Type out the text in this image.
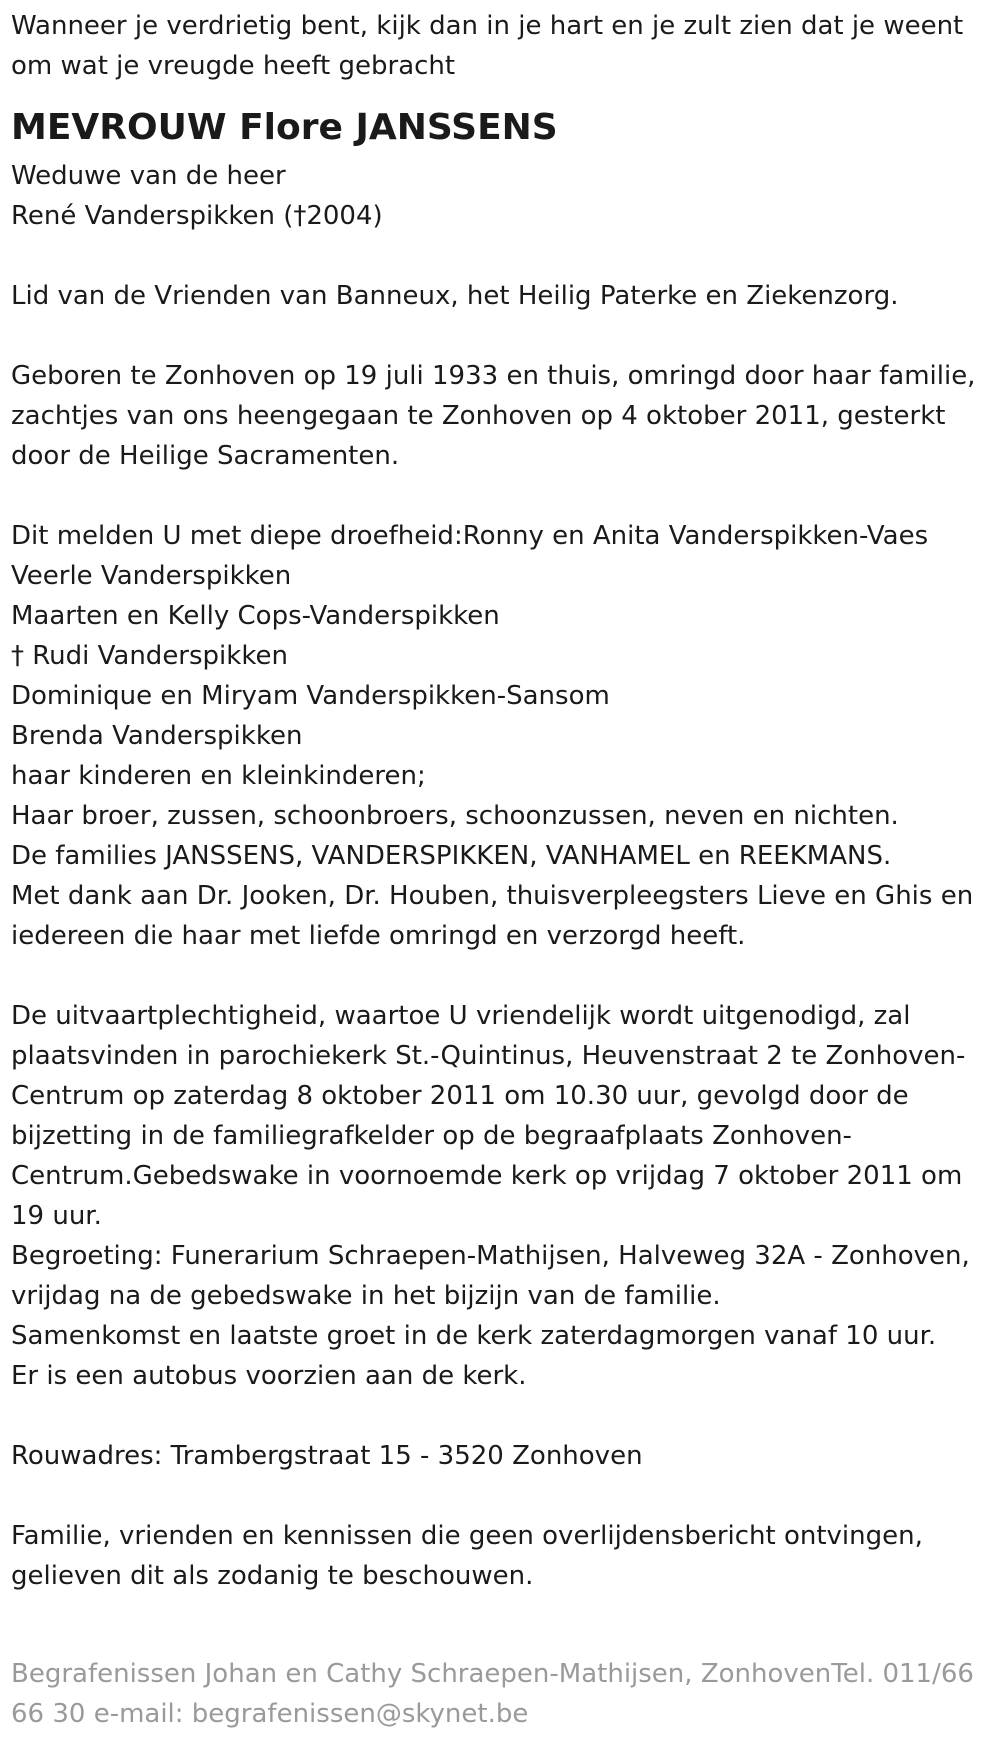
Wanneer je verdrietig bent, kijk dan in je hart en je zult zien dat je weent
om wat je vreugde heeft gebracht
MEVROUW Flore JANSSENS
Weduwe van de heer
René Vanderspikken (†2004)
Lid van de Vrienden van Banneux, het Heilig Paterke en Ziekenzorg.
Geboren te Zonhoven op 19 juli 1933 en thuis, omringd door haar familie,
zachtjes van ons heengegaan te Zonhoven op 4 oktober 2011, gesterkt
door de Heilige Sacramenten.
Dit melden U met diepe droefheid:Ronny en Anita Vanderspikken-Vaes
Veerle Vanderspikken
Maarten en Kelly Cops-Vanderspikken
† Rudi Vanderspikken
Dominique en Miryam Vanderspikken-Sansom
Brenda Vanderspikken
haar kinderen en kleinkinderen;
Haar broer, zussen, schoonbroers, schoonzussen, neven en nichten.
De families JANSSENS, VANDERSPIKKEN, VANHAMEL en REEKMANS.
Met dank aan Dr. Jooken, Dr. Houben, thuisverpleegsters Lieve en Ghis en
iedereen die haar met liefde omringd en verzorgd heeft.
De uitvaartplechtigheid, waartoe U vriendelijk wordt uitgenodigd, zal
plaatsvinden in parochiekerk St.-Quintinus, Heuvenstraat 2 te Zonhoven-
Centrum op zaterdag 8 oktober 2011 om 10.30 uur, gevolgd door de
bijzetting in de familiegrafkelder op de begraafplaats Zonhoven-
Centrum.Gebedswake in voornoemde kerk op vrijdag 7 oktober 2011 om
19 uur.
Begroeting: Funerarium Schraepen-Mathijsen, Halveweg 32A - Zonhoven,
vrijdag na de gebedswake in het bijzijn van de familie.
Samenkomst en laatste groet in de kerk zaterdagmorgen vanaf 10 uur.
Er is een autobus voorzien aan de kerk.
Rouwadres: Trambergstraat 15 - 3520 Zonhoven
Familie, vrienden en kennissen die geen overlijdensbericht ontvingen,
gelieven dit als zodanig te beschouwen.
Begrafenissen Johan en Cathy Schraepen-Mathijsen, ZonhovenTel. 011/66
66 30 e-mail: begrafenissen@skynet.be
